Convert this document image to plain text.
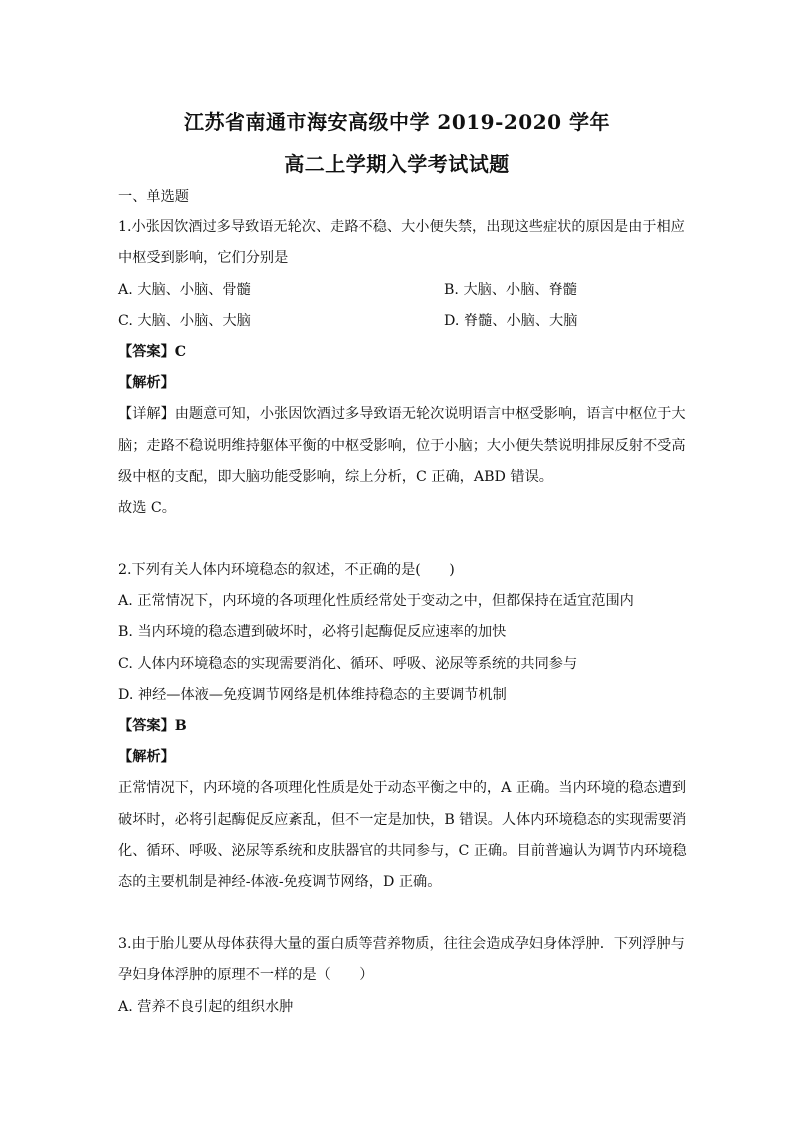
江苏省南通市海安高级中学 2019-2020 学年
高二上学期入学考试试题
一、单选题
1.小张因饮酒过多导致语无轮次、走路不稳、大小便失禁，出现这些症状的原因是由于相应
中枢受到影响，它们分别是
A. 大脑、小脑、骨髓	B. 大脑、小脑、脊髓
C. 大脑、小脑、大脑	D. 脊髓、小脑、大脑
【答案】C
【解析】
【详解】由题意可知，小张因饮酒过多导致语无轮次说明语言中枢受影响，语言中枢位于大
脑；走路不稳说明维持躯体平衡的中枢受影响，位于小脑；大小便失禁说明排尿反射不受高
级中枢的支配，即大脑功能受影响，综上分析，C 正确，ABD 错误。
故选 C。
2.下列有关人体内环境稳态的叙述，不正确的是(　　)
A. 正常情况下，内环境的各项理化性质经常处于变动之中，但都保持在适宜范围内
B. 当内环境的稳态遭到破坏时，必将引起酶促反应速率的加快
C. 人体内环境稳态的实现需要消化、循环、呼吸、泌尿等系统的共同参与
D. 神经—体液—免疫调节网络是机体维持稳态的主要调节机制
【答案】B
【解析】
正常情况下，内环境的各项理化性质是处于动态平衡之中的，A 正确。当内环境的稳态遭到
破坏时，必将引起酶促反应紊乱，但不一定是加快，B 错误。人体内环境稳态的实现需要消
化、循环、呼吸、泌尿等系统和皮肤器官的共同参与，C 正确。目前普遍认为调节内环境稳
态的主要机制是神经-体液-免疫调节网络，D 正确。
3.由于胎儿要从母体获得大量的蛋白质等营养物质，往往会造成孕妇身体浮肿．下列浮肿与
孕妇身体浮肿的原理不一样的是（　　）
A. 营养不良引起的组织水肿
